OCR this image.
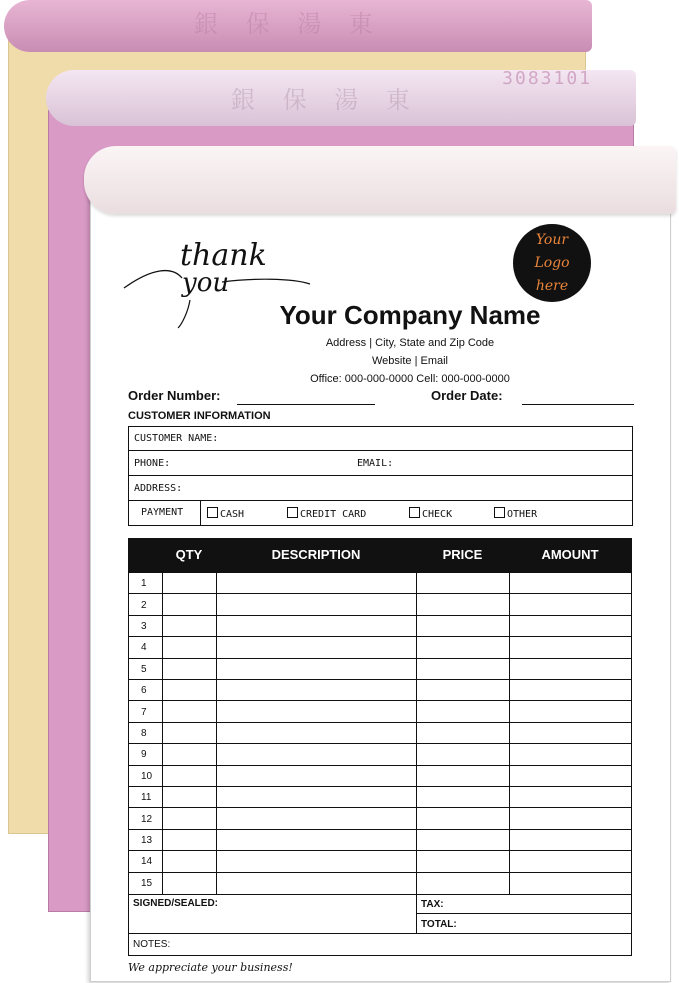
銀 保 湯 東
銀 保 湯 東
3083101
thank
you
Your
Logo
here
Your Company Name
Address | City, State and Zip Code
Website | Email
Office: 000-000-0000 Cell: 000-000-0000
Order Number:	Order Date:
CUSTOMER INFORMATION
CUSTOMER NAME:
PHONE:	EMAIL:
ADDRESS:
PAYMENT	CASH	CREDIT CARD	CHECK	OTHER
QTY	DESCRIPTION	PRICE	AMOUNT
1
2
3
4
5
6
7
8
9
10
11
12
13
14
15
SIGNED/SEALED:	TAX:
TOTAL:
NOTES:
We appreciate your business!
